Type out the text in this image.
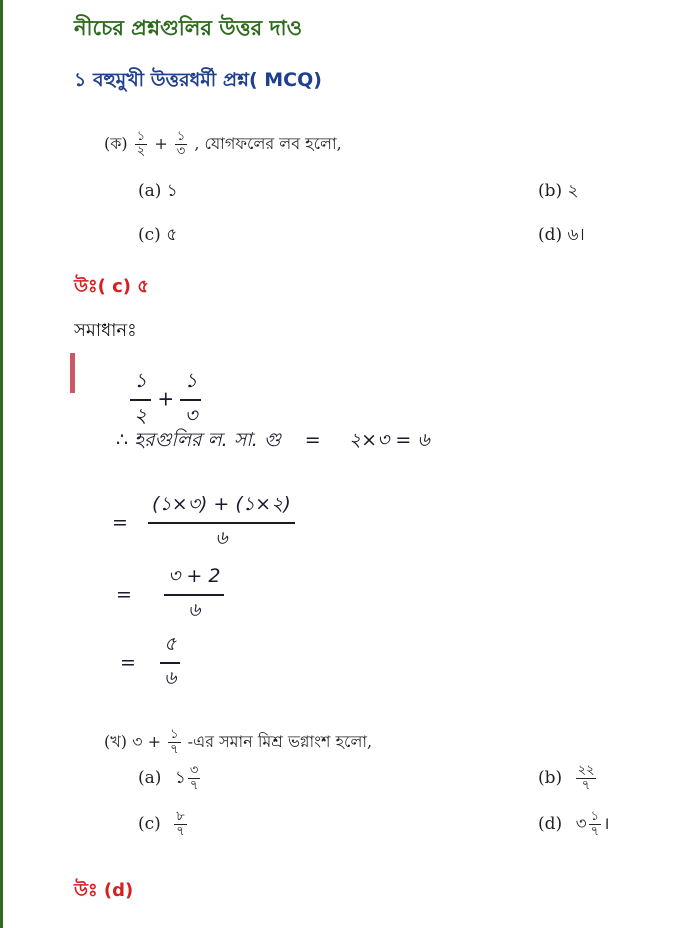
নীচের প্রশ্নগুলির উত্তর দাও
১ বহুমুখী উত্তরধর্মী প্রশ্ন( MCQ)
(ক) $\frac{১}{২} + \frac{১}{৩}$ , যোগফলের লব হলো,
(a) ১	(b) ২
(c) ৫	(d) ৬।
উঃ( c) ৫
সমাধানঃ
$\frac{১}{২} + \frac{১}{৩}$
∴ হরগুলির ল. সা. গু = ২×৩ = ৬
= $\frac{(১\times ৩) + (১\times ২)}{৬}$
= $\frac{৩ + 2}{৬}$
= $\frac{৫}{৬}$
(খ) ৩ + $\frac{১}{৭}$ -এর সমান মিশ্র ভগ্নাংশ হলো,
(a) ১ $\frac{৩}{৭}$	$(b) \frac{২২}{৭}$
$(c) \frac{৮}{৭}$	(d) ৩ $\frac{১}{৭}$ ।
উঃ (d)
